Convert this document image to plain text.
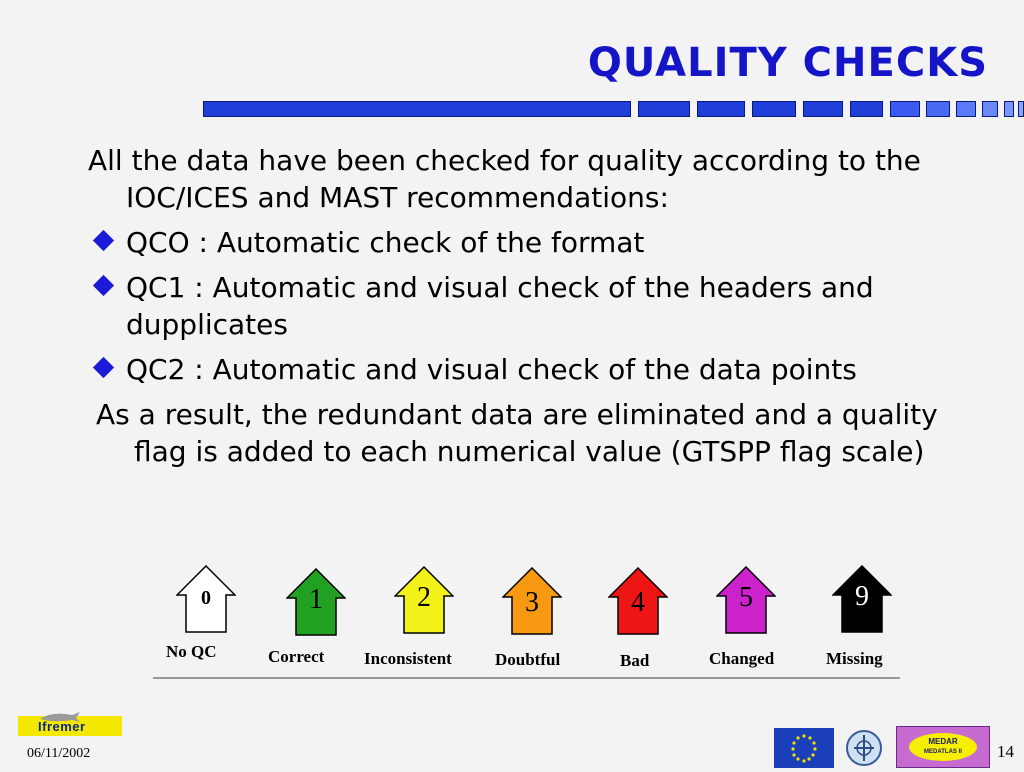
QUALITY CHECKS

All the data have been checked for quality according to the IOC/ICES and MAST recommendations:

QCO : Automatic check of the format
QC1 : Automatic and visual check of the headers and dupplicates
QC2 : Automatic and visual check of the data points

As a result, the redundant data are eliminated and a quality flag is added to each numerical value (GTSPP flag scale)

0
No QC
1
Correct
2
Inconsistent
3
Doubtful
4
Bad
5
Changed
9
Missing
Ifremer
06/11/2002
MEDAR
MEDATLAS II	14
